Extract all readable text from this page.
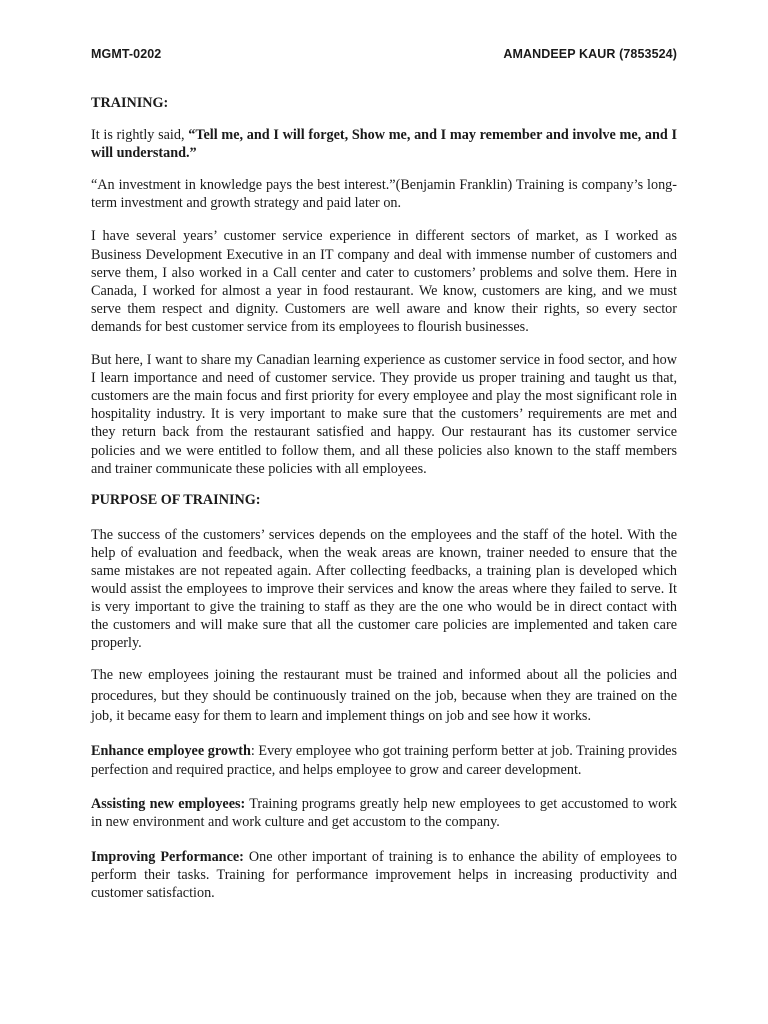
MGMT-0202	AMANDEEP KAUR (7853524)

TRAINING:

It is rightly said, “Tell me, and I will forget, Show me, and I may remember and involve me, and I will understand.”

“An investment in knowledge pays the best interest.”(Benjamin Franklin) Training is company’s long-term investment and growth strategy and paid later on.

I have several years’ customer service experience in different sectors of market, as I worked as Business Development Executive in an IT company and deal with immense number of customers and serve them, I also worked in a Call center and cater to customers’ problems and solve them. Here in Canada, I worked for almost a year in food restaurant. We know, customers are king, and we must serve them respect and dignity. Customers are well aware and know their rights, so every sector demands for best customer service from its employees to flourish businesses.

But here, I want to share my Canadian learning experience as customer service in food sector, and how I learn importance and need of customer service. They provide us proper training and taught us that, customers are the main focus and first priority for every employee and play the most significant role in hospitality industry. It is very important to make sure that the customers’ requirements are met and they return back from the restaurant satisfied and happy. Our restaurant has its customer service policies and we were entitled to follow them, and all these policies also known to the staff members and trainer communicate these policies with all employees.

PURPOSE OF TRAINING:

The success of the customers’ services depends on the employees and the staff of the hotel. With the help of evaluation and feedback, when the weak areas are known, trainer needed to ensure that the same mistakes are not repeated again. After collecting feedbacks, a training plan is developed which would assist the employees to improve their services and know the areas where they failed to serve. It is very important to give the training to staff as they are the one who would be in direct contact with the customers and will make sure that all the customer care policies are implemented and taken care properly.

The new employees joining the restaurant must be trained and informed about all the policies and procedures, but they should be continuously trained on the job, because when they are trained on the job, it became easy for them to learn and implement things on job and see how it works.

Enhance employee growth: Every employee who got training perform better at job. Training provides perfection and required practice, and helps employee to grow and career development.

Assisting new employees: Training programs greatly help new employees to get accustomed to work in new environment and work culture and get accustom to the company.

Improving Performance: One other important of training is to enhance the ability of employees to perform their tasks. Training for performance improvement helps in increasing productivity and customer satisfaction.
